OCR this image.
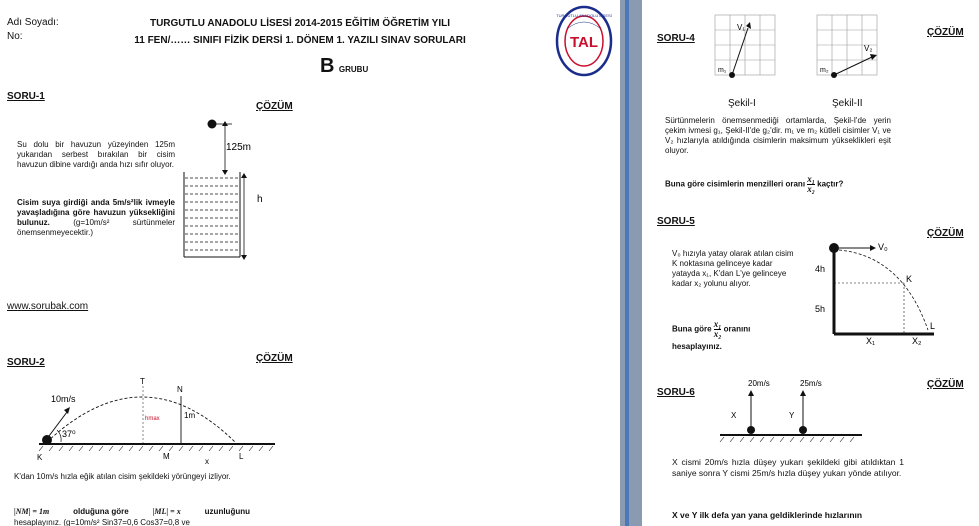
Adı Soyadı:
No:
TURGUTLU ANADOLU LİSESİ 2014-2015 EĞİTİM ÖĞRETİM YILI
11 FEN/…… SINIFI FİZİK DERSİ 1. DÖNEM 1. YAZILI SINAV SORULARI
B GRUBU
TAL
TURGUTLU ANADOLU LİSESİ
SORU-1
ÇÖZÜM
Su dolu bir havuzun yüzeyinden 125m yukarıdan serbest bırakılan bir cisim havuzun dibine vardığı anda hızı sıfır oluyor.
Cisim suya girdiği anda 5m/s²lik ivmeyle yavaşladığına göre havuzun yüksekliğini bulunuz. (g=10m/s² sürtünmeler önemsenmeyecektir.)
125m
h
www.sorubak.com
SORU-2	ÇÖZÜM
37⁰
10m/s
T
hmax
N
1m
M
x
L
K
K'dan 10m/s hızla eğik atılan cisim şekildeki yörüngeyi izliyor.
|NM| = 1m	olduğuna göre	|ML| = x	uzunluğunu
hesaplayınız. (g=10m/s² Sin37=0,6 Cos37=0,8 ve
SORU-4
ÇÖZÜM
V₁
m₁
V₂
m₂
Şekil-I	Şekil-II
Sürtünmelerin önemsenmediği ortamlarda, Şekil-I'de yerin çekim ivmesi g₁, Şekil-II'de g₂'dir. m₁ ve m₂ kütleli cisimler V₁ ve V₂ hızlarıyla atıldığında cisimlerin maksimum yükseklikleri eşit oluyor.
Buna göre cisimlerin menzilleri oranı $\frac{\text{x₁}}{\text{x₂}}$ kaçtır?
SORU-5
ÇÖZÜM
V₀ hızıyla yatay olarak atılan cisim K noktasına gelinceye kadar yatayda x₁, K'dan L'ye gelinceye kadar x₂ yolunu alıyor.
Buna göre $\frac{\text{x₁}}{\text{x₂}}$ oranını
hesaplayınız.
V₀
K
L
4h
5h
X₁	X₂
SORU-6
ÇÖZÜM
20m/s	25m/s
X	Y
X cismi 20m/s hızla düşey yukarı şekildeki gibi atıldıktan 1 saniye sonra Y cismi 25m/s hızla düşey yukarı yönde atılıyor.
X ve Y ilk defa yan yana geldiklerinde hızlarının
